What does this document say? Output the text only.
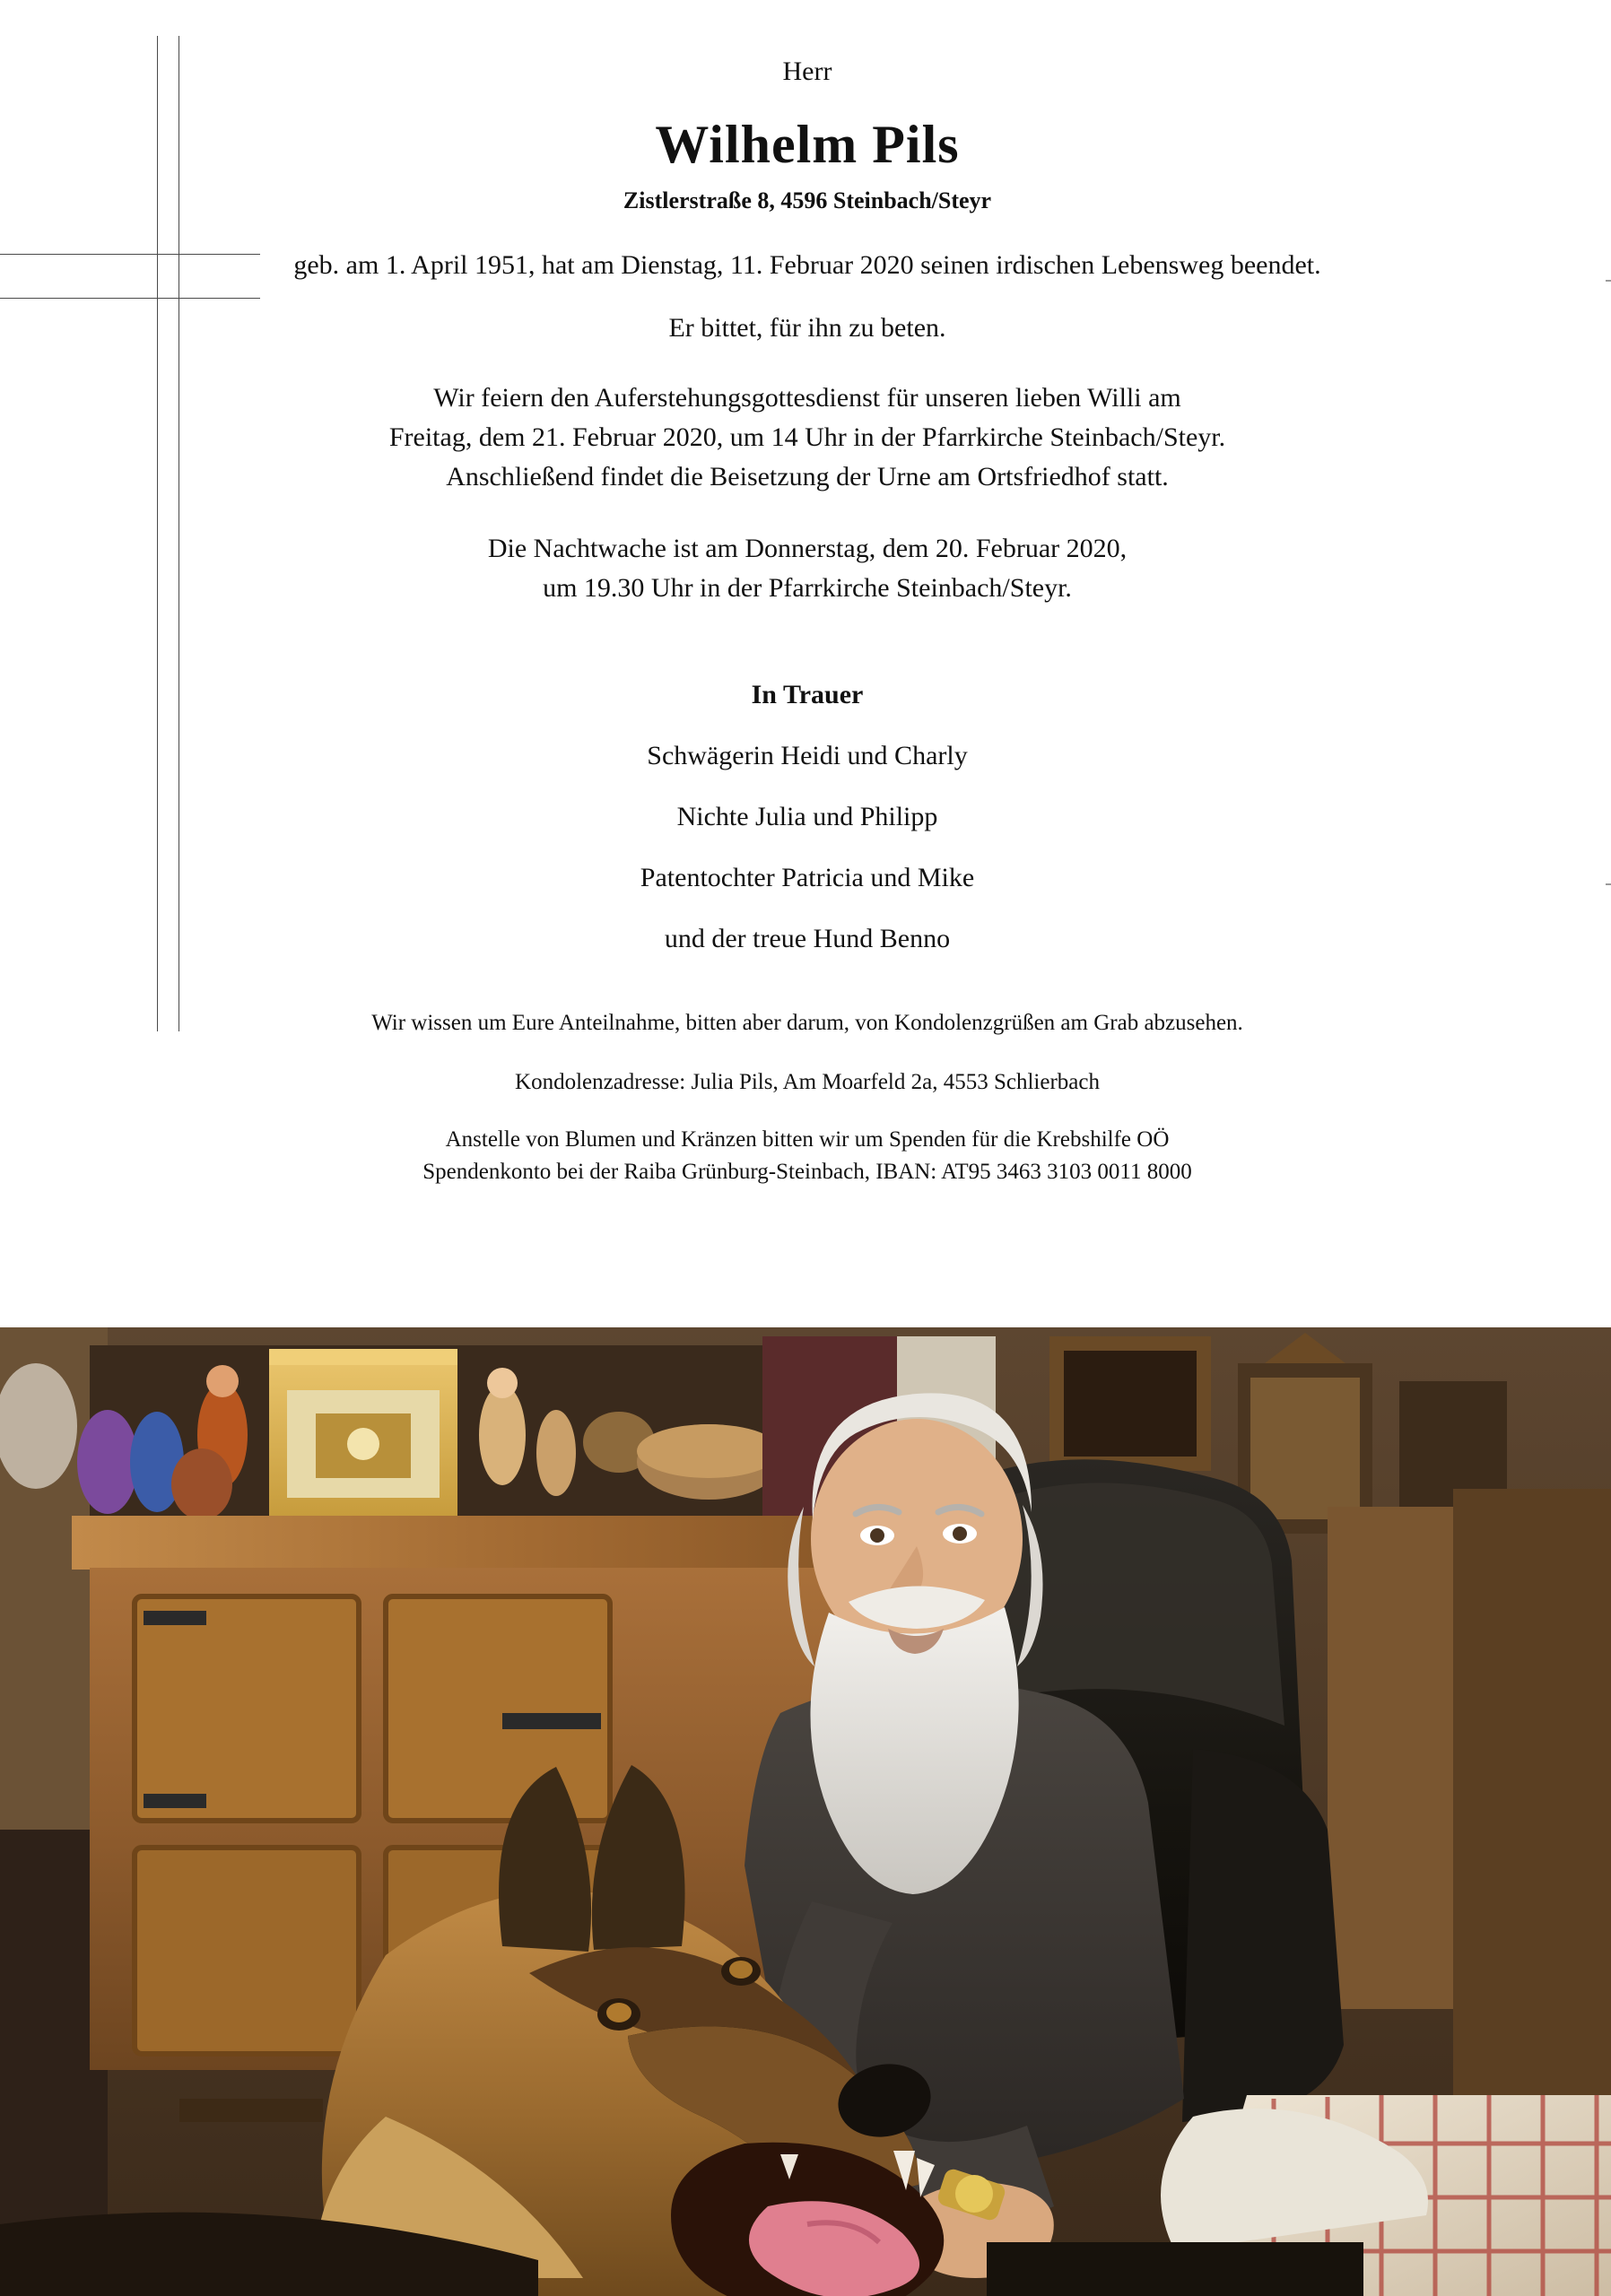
Herr
Wilhelm Pils
Zistlerstraße 8, 4596 Steinbach/Steyr
geb. am 1. April 1951, hat am Dienstag, 11. Februar 2020 seinen irdischen Lebensweg beendet.
Er bittet, für ihn zu beten.
Wir feiern den Auferstehungsgottesdienst für unseren lieben Willi am
Freitag, dem 21. Februar 2020, um 14 Uhr in der Pfarrkirche Steinbach/Steyr.
Anschließend findet die Beisetzung der Urne am Ortsfriedhof statt.
Die Nachtwache ist am Donnerstag, dem 20. Februar 2020,
um 19.30 Uhr in der Pfarrkirche Steinbach/Steyr.
In Trauer
Schwägerin Heidi und Charly
Nichte Julia und Philipp
Patentochter Patricia und Mike
und der treue Hund Benno
Wir wissen um Eure Anteilnahme, bitten aber darum, von Kondolenzgrüßen am Grab abzusehen.
Kondolenzadresse: Julia Pils, Am Moarfeld 2a, 4553 Schlierbach
Anstelle von Blumen und Kränzen bitten wir um Spenden für die Krebshilfe OÖ
Spendenkonto bei der Raiba Grünburg-Steinbach, IBAN: AT95 3463 3103 0011 8000
